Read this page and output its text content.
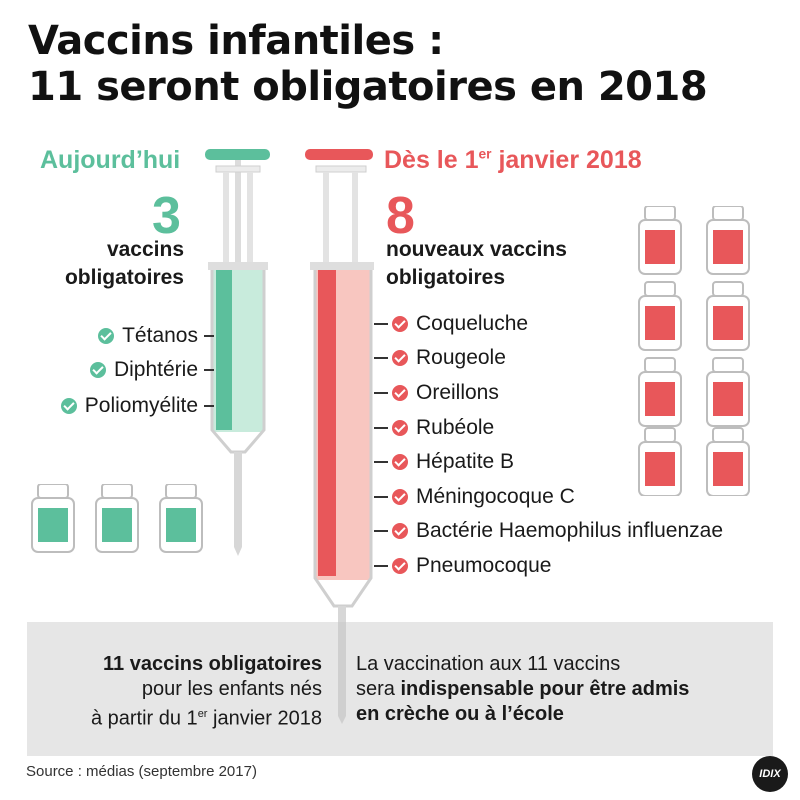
Vaccins infantiles :
11 seront obligatoires en 2018
Aujourd’hui
3
vaccins
obligatoires
Tétanos
Diphtérie
Poliomyélite
Dès le 1er janvier 2018
8
nouveaux vaccins
obligatoires
Coqueluche
Rougeole
Oreillons
Rubéole
Hépatite B
Méningocoque C
Bactérie Haemophilus influenzae
Pneumocoque
11 vaccins obligatoires
pour les enfants nés
à partir du 1er janvier 2018
La vaccination aux 11 vaccins
sera indispensable pour être admis
en crèche ou à l’école
Source : médias (septembre 2017)	IDIX
